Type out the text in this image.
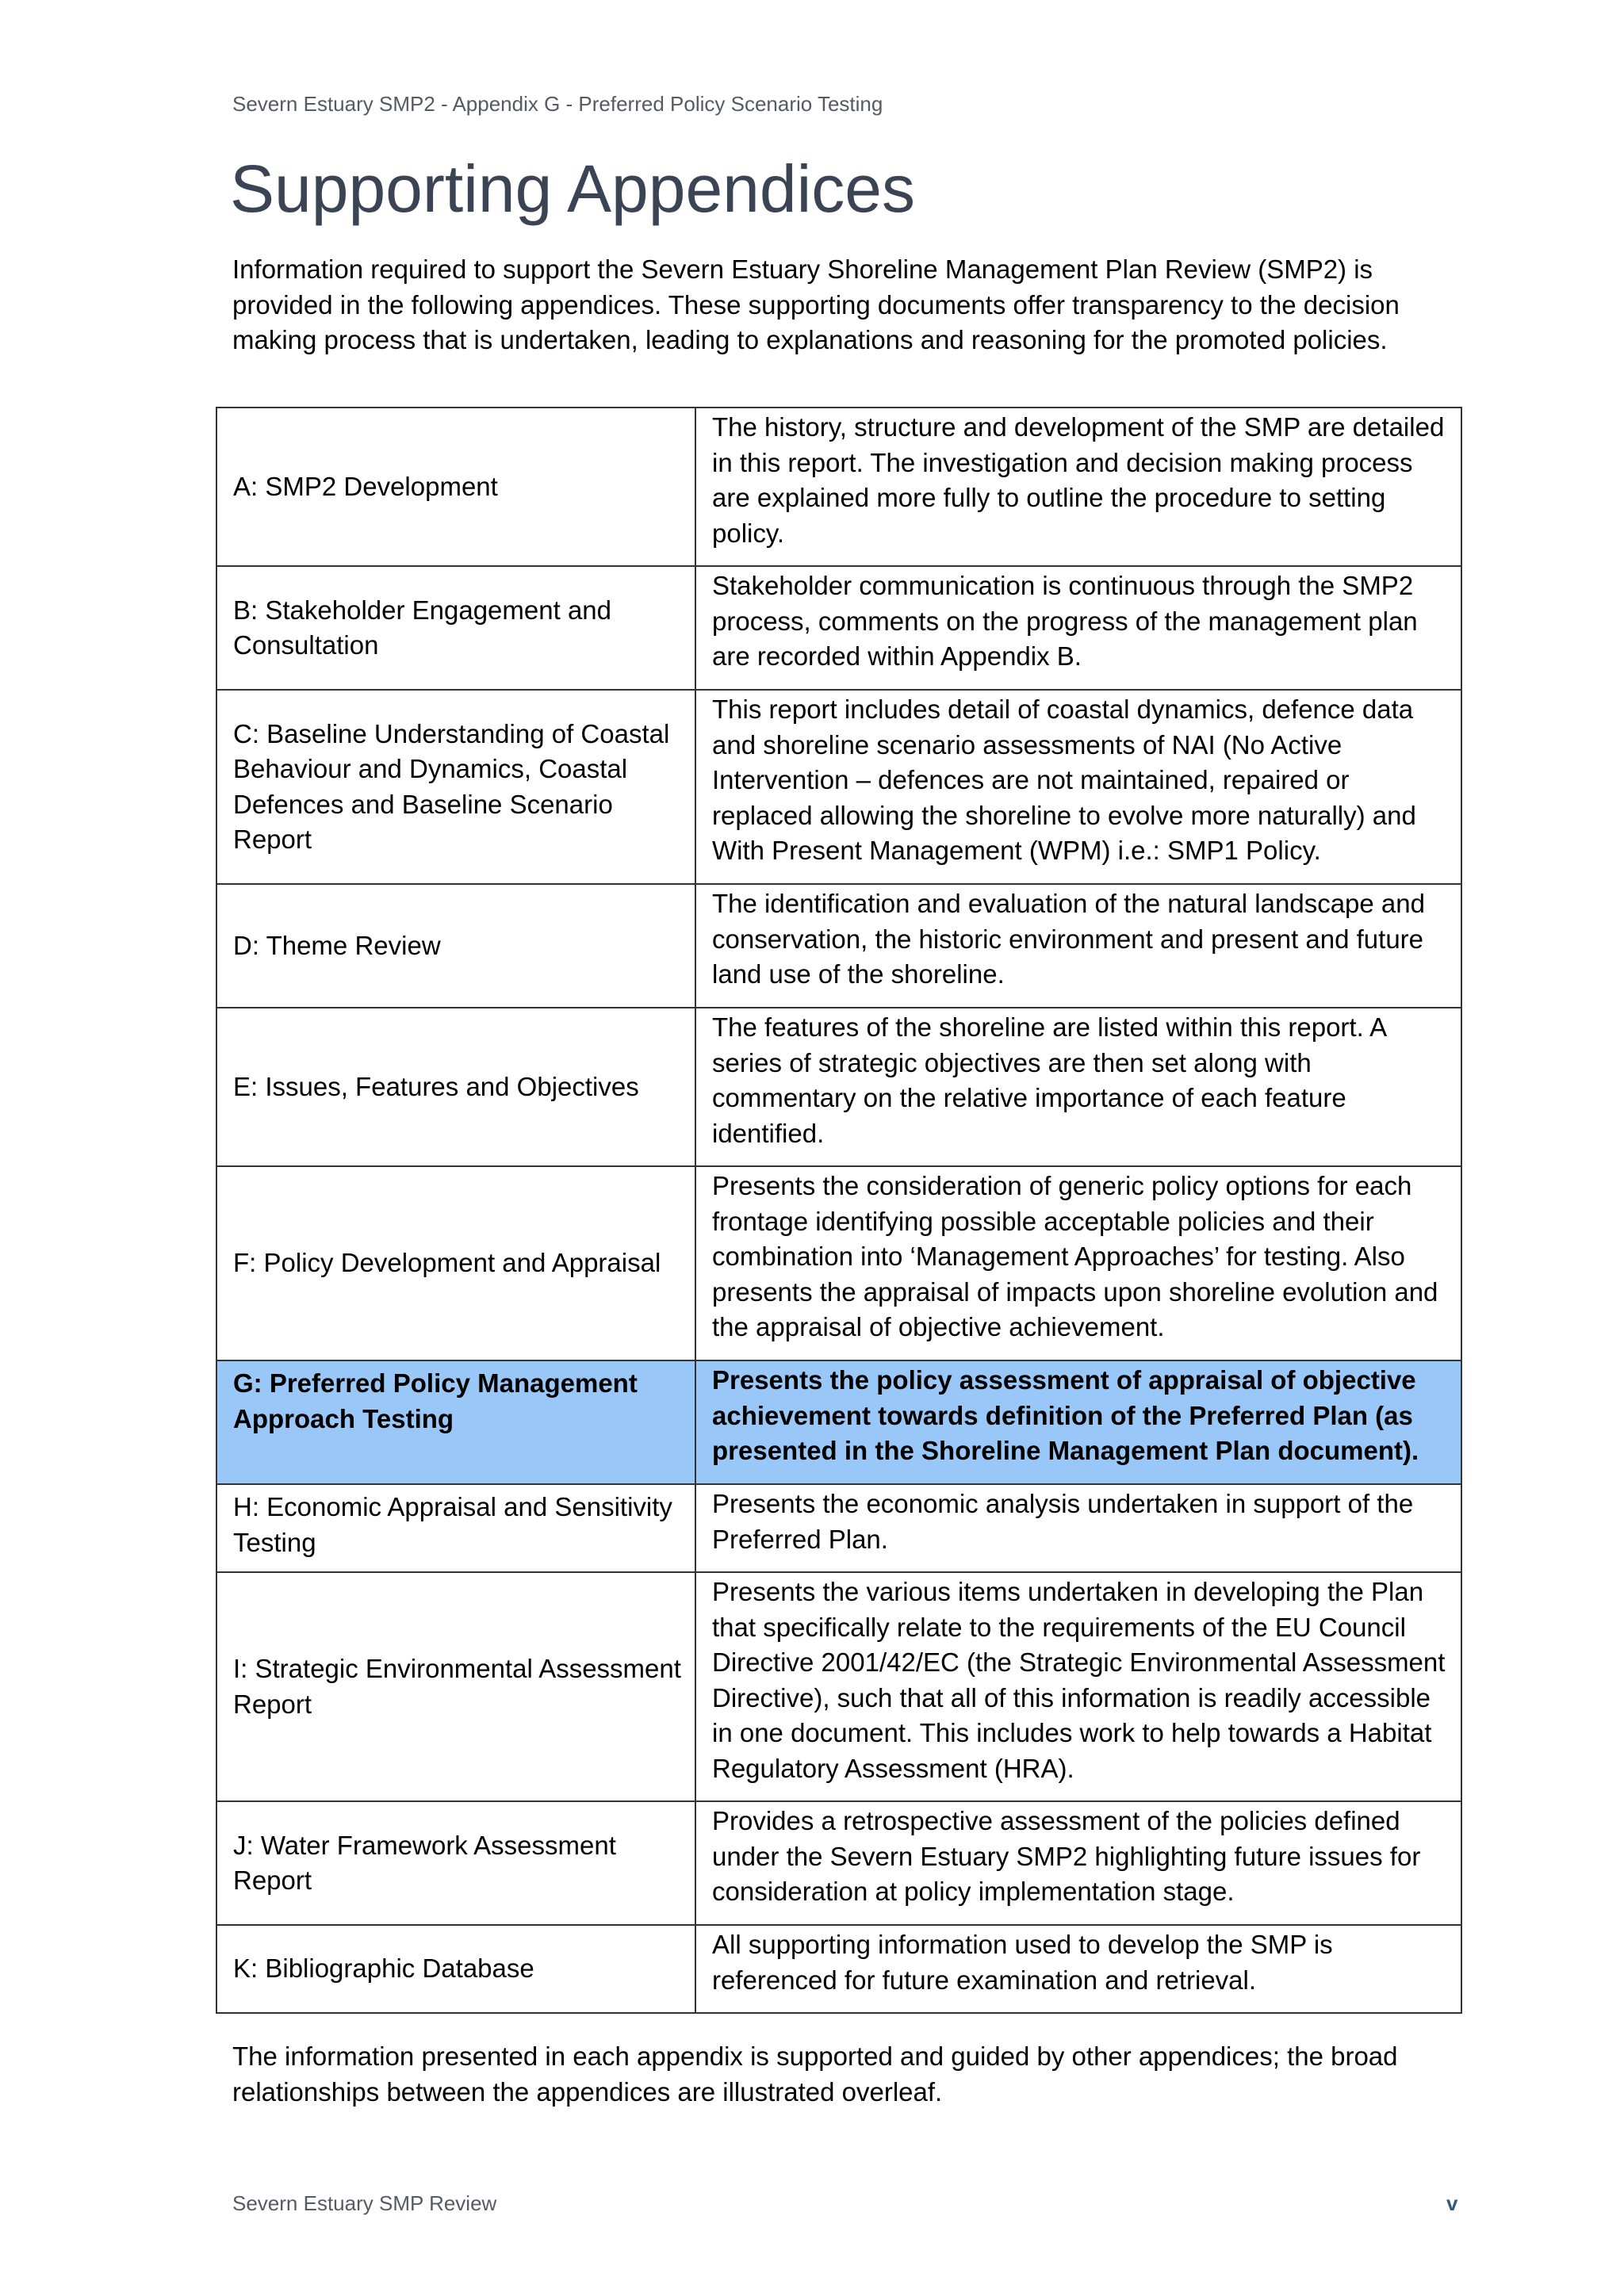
Severn Estuary SMP2 - Appendix G - Preferred Policy Scenario Testing
Supporting Appendices

Information required to support the Severn Estuary Shoreline Management Plan Review (SMP2) is provided in the following appendices. These supporting documents offer transparency to the decision making process that is undertaken, leading to explanations and reasoning for the promoted policies.

A: SMP2 Development	The history, structure and development of the SMP are detailed in this report. The investigation and decision making process are explained more fully to outline the procedure to setting policy.
B: Stakeholder Engagement and Consultation	Stakeholder communication is continuous through the SMP2 process, comments on the progress of the management plan are recorded within Appendix B.
C: Baseline Understanding of Coastal Behaviour and Dynamics, Coastal Defences and Baseline Scenario Report	This report includes detail of coastal dynamics, defence data and shoreline scenario assessments of NAI (No Active Intervention – defences are not maintained, repaired or replaced allowing the shoreline to evolve more naturally) and With Present Management (WPM) i.e.: SMP1 Policy.
D: Theme Review	The identification and evaluation of the natural landscape and conservation, the historic environment and present and future land use of the shoreline.
E: Issues, Features and Objectives	The features of the shoreline are listed within this report. A series of strategic objectives are then set along with commentary on the relative importance of each feature identified.
F: Policy Development and Appraisal	Presents the consideration of generic policy options for each frontage identifying possible acceptable policies and their combination into ‘Management Approaches’ for testing. Also presents the appraisal of impacts upon shoreline evolution and the appraisal of objective achievement.
G: Preferred Policy Management Approach Testing	Presents the policy assessment of appraisal of objective achievement towards definition of the Preferred Plan (as presented in the Shoreline Management Plan document).
H: Economic Appraisal and Sensitivity Testing	Presents the economic analysis undertaken in support of the Preferred Plan.
I: Strategic Environmental Assessment Report	Presents the various items undertaken in developing the Plan that specifically relate to the requirements of the EU Council Directive 2001/42/EC (the Strategic Environmental Assessment Directive), such that all of this information is readily accessible in one document. This includes work to help towards a Habitat Regulatory Assessment (HRA).
J: Water Framework Assessment Report	Provides a retrospective assessment of the policies defined under the Severn Estuary SMP2 highlighting future issues for consideration at policy implementation stage.
K: Bibliographic Database	All supporting information used to develop the SMP is referenced for future examination and retrieval.

The information presented in each appendix is supported and guided by other appendices; the broad relationships between the appendices are illustrated overleaf.

Severn Estuary SMP Review	v
